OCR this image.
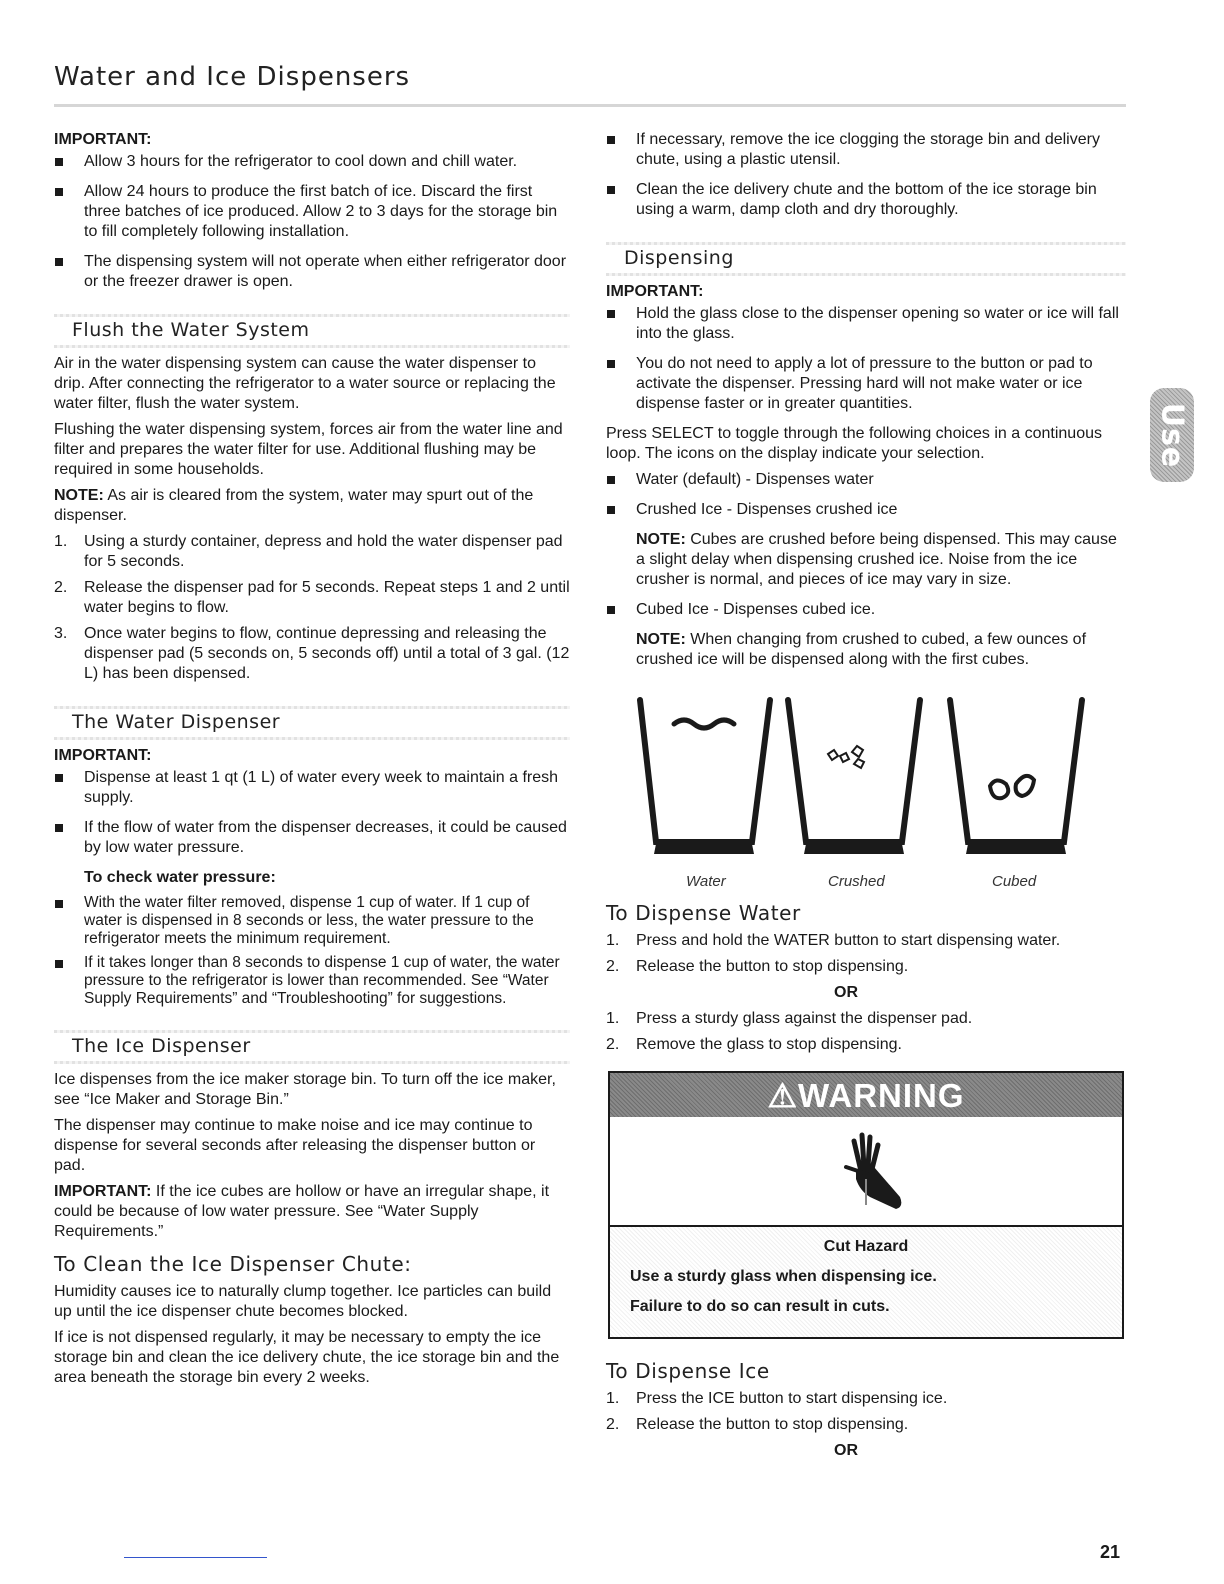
Water and Ice Dispensers

IMPORTANT:

Allow 3 hours for the refrigerator to cool down and chill water.
Allow 24 hours to produce the first batch of ice. Discard the first three batches of ice produced. Allow 2 to 3 days for the storage bin to fill completely following installation.
The dispensing system will not operate when either refrigerator door or the freezer drawer is open.
Flush the Water System

Air in the water dispensing system can cause the water dispenser to drip. After connecting the refrigerator to a water source or replacing the water filter, flush the water system.

Flushing the water dispensing system, forces air from the water line and filter and prepares the water filter for use. Additional flushing may be required in some households.

NOTE: As air is cleared from the system, water may spurt out of the dispenser.

1. Using a sturdy container, depress and hold the water dispenser pad for 5 seconds.
2. Release the dispenser pad for 5 seconds. Repeat steps 1 and 2 until water begins to flow.
3. Once water begins to flow, continue depressing and releasing the dispenser pad (5 seconds on, 5 seconds off) until a total of 3 gal. (12 L) has been dispensed.
The Water Dispenser

IMPORTANT:

Dispense at least 1 qt (1 L) of water every week to maintain a fresh supply.
If the flow of water from the dispenser decreases, it could be caused by low water pressure.

To check water pressure:

With the water filter removed, dispense 1 cup of water. If 1 cup of water is dispensed in 8 seconds or less, the water pressure to the refrigerator meets the minimum requirement.
If it takes longer than 8 seconds to dispense 1 cup of water, the water pressure to the refrigerator is lower than recommended. See “Water Supply Requirements” and “Troubleshooting” for suggestions.
The Ice Dispenser

Ice dispenses from the ice maker storage bin. To turn off the ice maker, see “Ice Maker and Storage Bin.”

The dispenser may continue to make noise and ice may continue to dispense for several seconds after releasing the dispenser button or pad.

IMPORTANT: If the ice cubes are hollow or have an irregular shape, it could be because of low water pressure. See “Water Supply Requirements.”

To Clean the Ice Dispenser Chute:

Humidity causes ice to naturally clump together. Ice particles can build up until the ice dispenser chute becomes blocked.

If ice is not dispensed regularly, it may be necessary to empty the ice storage bin and clean the ice delivery chute, the ice storage bin and the area beneath the storage bin every 2 weeks.

If necessary, remove the ice clogging the storage bin and delivery chute, using a plastic utensil.
Clean the ice delivery chute and the bottom of the ice storage bin using a warm, damp cloth and dry thoroughly.
Dispensing

IMPORTANT:

Hold the glass close to the dispenser opening so water or ice will fall into the glass.
You do not need to apply a lot of pressure to the button or pad to activate the dispenser. Pressing hard will not make water or ice dispense faster or in greater quantities.

Press SELECT to toggle through the following choices in a continuous loop. The icons on the display indicate your selection.

Water (default) - Dispenses water
Crushed Ice - Dispenses crushed ice
NOTE: Cubes are crushed before being dispensed. This may cause a slight delay when dispensing crushed ice. Noise from the ice crusher is normal, and pieces of ice may vary in size.
Cubed Ice - Dispenses cubed ice.
NOTE: When changing from crushed to cubed, a few ounces of crushed ice will be dispensed along with the first cubes.
Water	Crushed	Cubed
To Dispense Water
1. Press and hold the WATER button to start dispensing water.
2. Release the button to stop dispensing.

OR

1. Press a sturdy glass against the dispenser pad.
2. Remove the glass to stop dispensing.
⚠WARNING
Cut Hazard
Use a sturdy glass when dispensing ice.
Failure to do so can result in cuts.
To Dispense Ice
1. Press the ICE button to start dispensing ice.
2. Release the button to stop dispensing.

OR

Use
21
